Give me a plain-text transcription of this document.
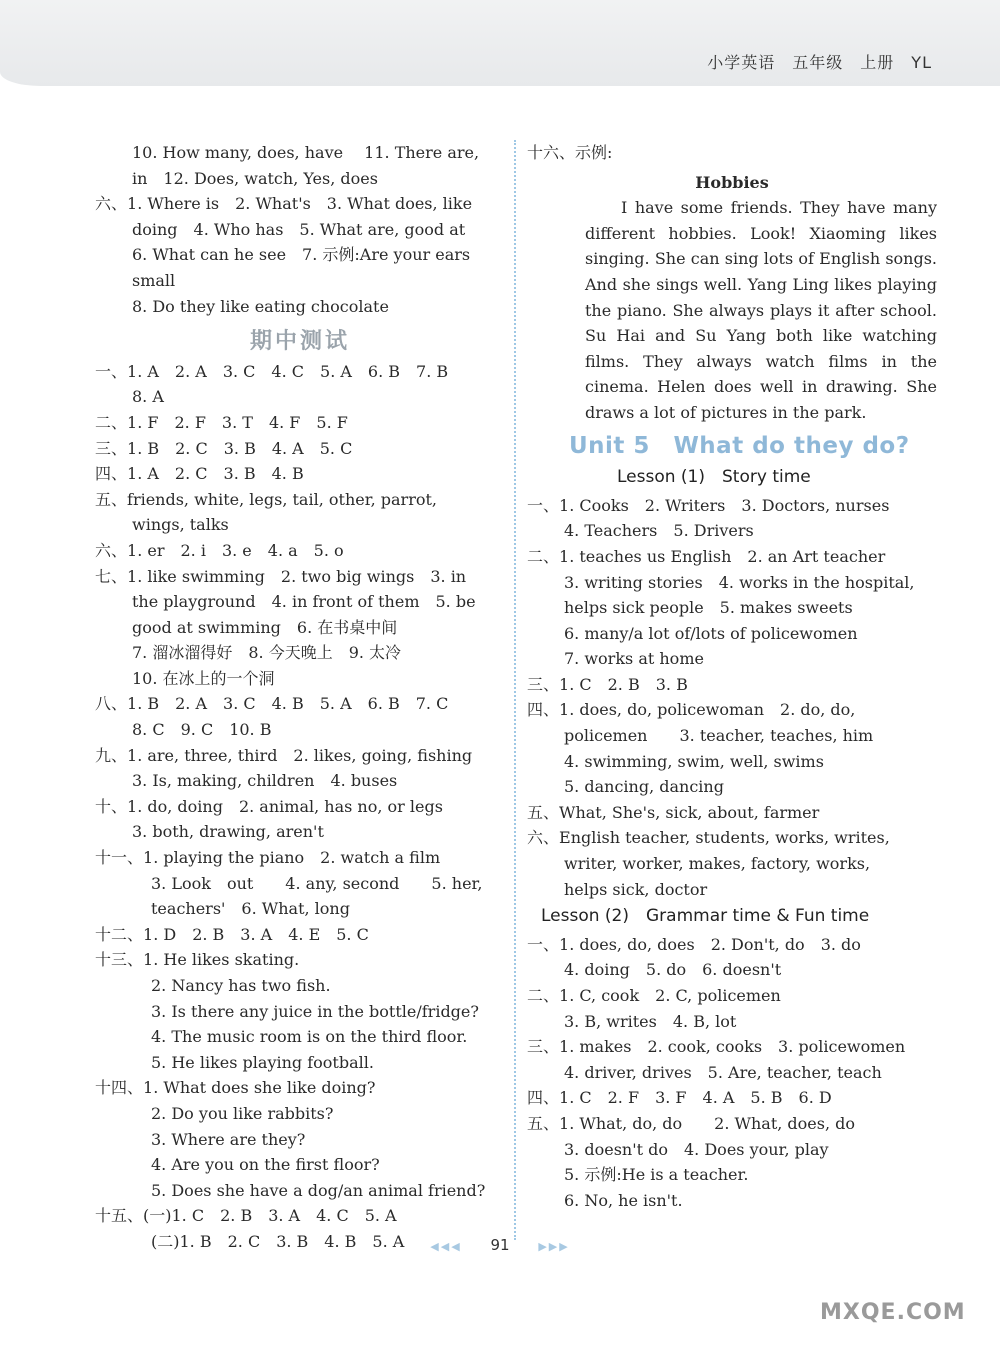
小学英语　五年级　上册　YL
10. How many, does, have　 11. There are,
in　12. Does, watch, Yes, does
六、 1. Where is　2. What's　3. What does, like
doing　4. Who has　5. What are, good at
6. What can he see　7. 示例:Are your ears small
8. Do they like eating chocolate
期中测试
一、 1. A　2. A　3. C　4. C　5. A　6. B　7. B
8. A
二、 1. F　2. F　3. T　4. F　5. F
三、 1. B　2. C　3. B　4. A　5. C
四、 1. A　2. C　3. B　4. B
五、 friends, white, legs, tail, other, parrot,
wings, talks
六、 1. er　2. i　3. e　4. a　5. o
七、 1. like swimming　2. two big wings　3. in
the playground　4. in front of them　5. be
good at swimming　6. 在书桌中间
7. 溜冰溜得好　8. 今天晚上　9. 太冷
10. 在冰上的一个洞
八、 1. B　2. A　3. C　4. B　5. A　6. B　7. C
8. C　9. C　10. B
九、 1. are, three, third　2. likes, going, fishing
3. Is, making, children　4. buses
十、 1. do, doing　2. animal, has no, or legs
3. both, drawing, aren't
十一、 1. playing the piano　2. watch a film
3. Look　out　　4. any, second　　5. her,
teachers'　6. What, long
十二、 1. D　2. B　3. A　4. E　5. C
十三、 1. He likes skating.
2. Nancy has two fish.
3. Is there any juice in the bottle/fridge?
4. The music room is on the third floor.
5. He likes playing football.
十四、 1. What does she like doing?
2. Do you like rabbits?
3. Where are they?
4. Are you on the first floor?
5. Does she have a dog/an animal friend?
十五、 (一)1. C　2. B　3. A　4. C　5. A
(二)1. B　2. C　3. B　4. B　5. A
十六、示例:
Hobbies
I have some friends. They have many different hobbies. Look! Xiaoming likes singing. She can sing lots of English songs. And she sings well. Yang Ling likes playing the piano. She always plays it after school. Su Hai and Su Yang both like watching films. They always watch films in the cinema. Helen does well in drawing. She draws a lot of pictures in the park.
Unit 5　What do they do?
Lesson (1)　Story time
一、 1. Cooks　2. Writers　3. Doctors, nurses
4. Teachers　5. Drivers
二、 1. teaches us English　2. an Art teacher
3. writing stories　4. works in the hospital,
helps sick people　5. makes sweets
6. many/a lot of/lots of policewomen
7. works at home
三、 1. C　2. B　3. B
四、 1. does, do, policewoman　2. do, do,
policemen　　3. teacher, teaches, him
4. swimming, swim, well, swims
5. dancing, dancing
五、 What, She's, sick, about, farmer
六、 English teacher, students, works, writes,
writer, worker, makes, factory, works,
helps sick, doctor
Lesson (2)　Grammar time & Fun time
一、 1. does, do, does　2. Don't, do　3. do
4. doing　5. do　6. doesn't
二、 1. C, cook　2. C, policemen
3. B, writes　4. B, lot
三、 1. makes　2. cook, cooks　3. policewomen
4. driver, drives　5. Are, teacher, teach
四、 1. C　2. F　3. F　4. A　5. B　6. D
五、 1. What, do, do　　2. What, does, do
3. doesn't do　4. Does your, play
5. 示例:He is a teacher.
6. No, he isn't.
◀◀◀ 91	▶▶▶
MXQE.COM
